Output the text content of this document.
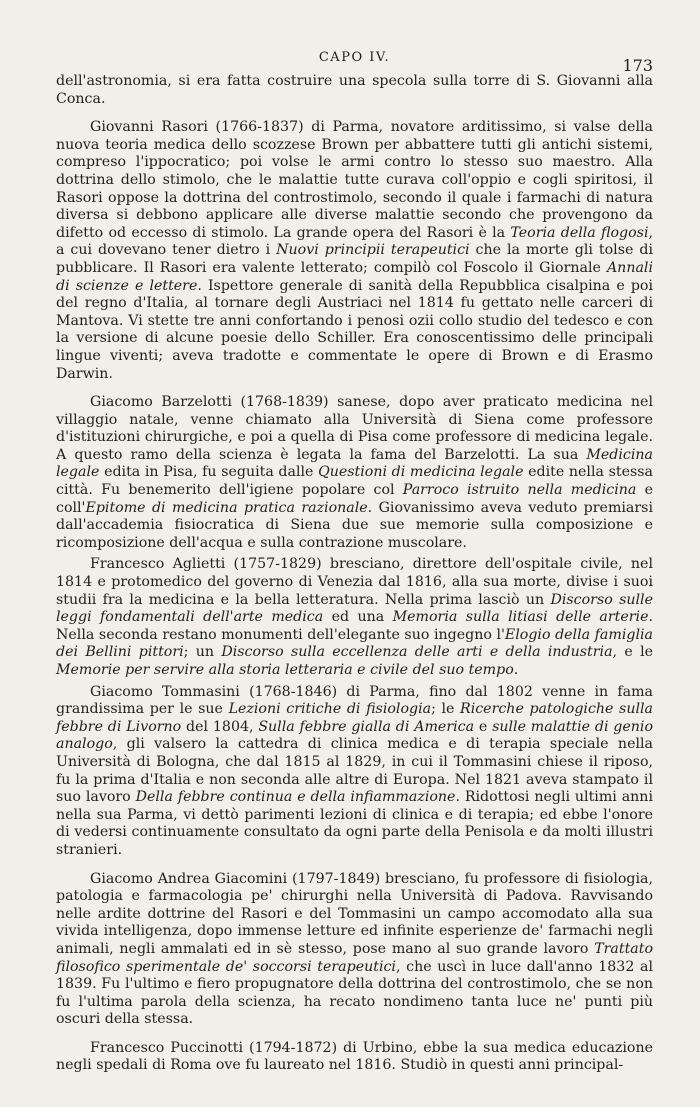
CAPO IV.	173

dell'astronomia, si era fatta costruire una specola sulla torre di S. Giovanni alla Conca.

Giovanni Rasori (1766-1837) di Parma, novatore arditissimo, si valse della nuova teoria medica dello scozzese Brown per abbattere tutti gli antichi sistemi, compreso l'ippocratico; poi volse le armi contro lo stesso suo maestro. Alla dottrina dello stimolo, che le malattie tutte curava coll'oppio e cogli spiritosi, il Rasori oppose la dottrina del controstimolo, secondo il quale i farmachi di natura diversa si debbono applicare alle diverse malattie secondo che provengono da difetto od eccesso di stimolo. La grande opera del Rasori è la Teoria della flogosi, a cui dovevano tener dietro i Nuovi principii terapeutici che la morte gli tolse di pubblicare. Il Rasori era valente letterato; compilò col Foscolo il Giornale Annali di scienze e lettere. Ispettore generale di sanità della Repubblica cisalpina e poi del regno d'Italia, al tornare degli Austriaci nel 1814 fu gettato nelle carceri di Mantova. Vi stette tre anni confortando i penosi ozii collo studio del tedesco e con la versione di alcune poesie dello Schiller. Era conoscentissimo delle principali lingue viventi; aveva tradotte e commentate le opere di Brown e di Erasmo Darwin.

Giacomo Barzelotti (1768-1839) sanese, dopo aver praticato medicina nel villaggio natale, venne chiamato alla Università di Siena come professore d'istituzioni chirurgiche, e poi a quella di Pisa come professore di medicina legale. A questo ramo della scienza è legata la fama del Barzelotti. La sua Medicina legale edita in Pisa, fu seguita dalle Questioni di medicina legale edite nella stessa città. Fu benemerito dell'igiene popolare col Parroco istruito nella medicina e coll'Epitome di medicina pratica razionale. Giovanissimo aveva veduto premiarsi dall'accademia fisiocratica di Siena due sue memorie sulla composizione e ricomposizione dell'acqua e sulla contrazione muscolare.

Francesco Aglietti (1757-1829) bresciano, direttore dell'ospitale civile, nel 1814 e protomedico del governo di Venezia dal 1816, alla sua morte, divise i suoi studii fra la medicina e la bella letteratura. Nella prima lasciò un Discorso sulle leggi fondamentali dell'arte medica ed una Memoria sulla litiasi delle arterie. Nella seconda restano monumenti dell'elegante suo ingegno l'Elogio della famiglia dei Bellini pittori; un Discorso sulla eccellenza delle arti e della industria, e le Memorie per servire alla storia letteraria e civile del suo tempo.

Giacomo Tommasini (1768-1846) di Parma, fino dal 1802 venne in fama grandissima per le sue Lezioni critiche di fisiologia; le Ricerche patologiche sulla febbre di Livorno del 1804, Sulla febbre gialla di America e sulle malattie di genio analogo, gli valsero la cattedra di clinica medica e di terapia speciale nella Università di Bologna, che dal 1815 al 1829, in cui il Tommasini chiese il riposo, fu la prima d'Italia e non seconda alle altre di Europa. Nel 1821 aveva stampato il suo lavoro Della febbre continua e della infiammazione. Ridottosi negli ultimi anni nella sua Parma, vi dettò parimenti lezioni di clinica e di terapia; ed ebbe l'onore di vedersi continuamente consultato da ogni parte della Penisola e da molti illustri stranieri.

Giacomo Andrea Giacomini (1797-1849) bresciano, fu professore di fisiologia, patologia e farmacologia pe' chirurghi nella Università di Padova. Ravvisando nelle ardite dottrine del Rasori e del Tommasini un campo accomodato alla sua vivida intelligenza, dopo immense letture ed infinite esperienze de' farmachi negli animali, negli ammalati ed in sè stesso, pose mano al suo grande lavoro Trattato filosofico sperimentale de' soccorsi terapeutici, che uscì in luce dall'anno 1832 al 1839. Fu l'ultimo e fiero propugnatore della dottrina del controstimolo, che se non fu l'ultima parola della scienza, ha recato nondimeno tanta luce ne' punti più oscuri della stessa.

Francesco Puccinotti (1794-1872) di Urbino, ebbe la sua medica educazione negli spedali di Roma ove fu laureato nel 1816. Studiò in questi anni principal-
